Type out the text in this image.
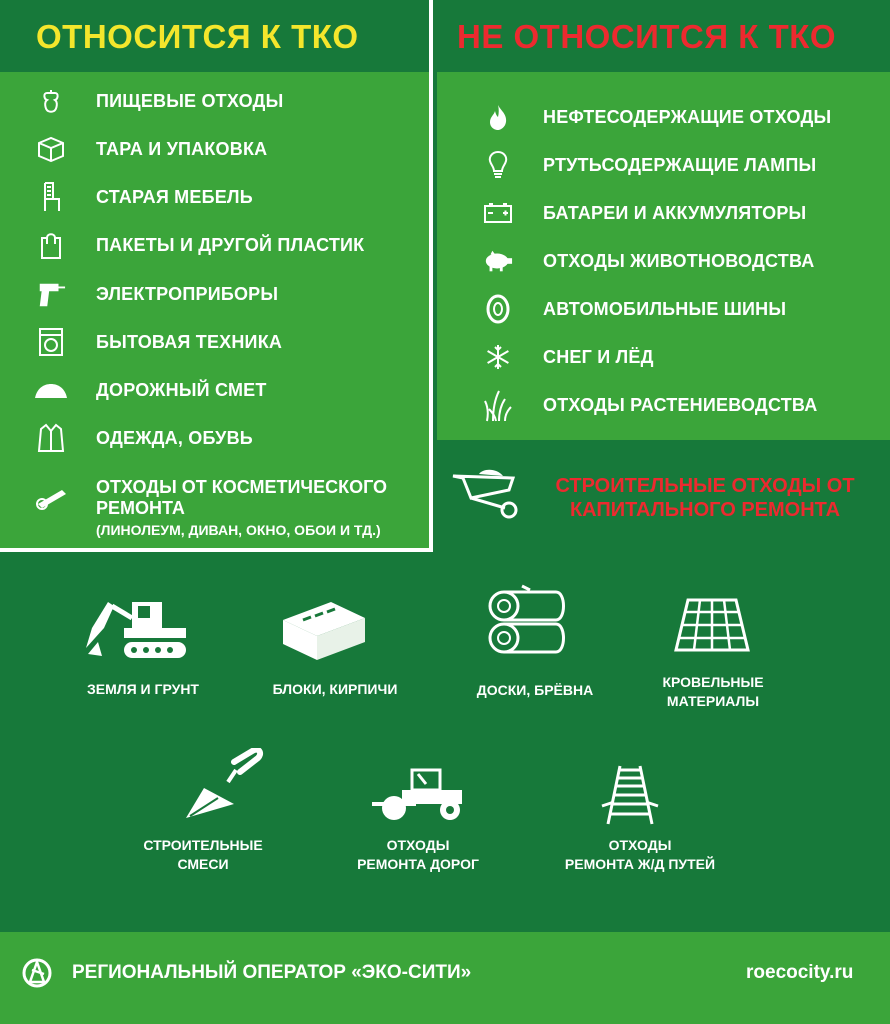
ОТНОСИТСЯ К ТКО
ПИЩЕВЫЕ ОТХОДЫ
ТАРА И УПАКОВКА
СТАРАЯ МЕБЕЛЬ
ПАКЕТЫ И ДРУГОЙ ПЛАСТИК
ЭЛЕКТРОПРИБОРЫ
БЫТОВАЯ ТЕХНИКА
ДОРОЖНЫЙ СМЕТ
ОДЕЖДА, ОБУВЬ
ОТХОДЫ ОТ КОСМЕТИЧЕСКОГО
РЕМОНТА
(ЛИНОЛЕУМ, ДИВАН, ОКНО, ОБОИ И ТД.)
НЕ ОТНОСИТСЯ К ТКО
НЕФТЕСОДЕРЖАЩИЕ ОТХОДЫ
РТУТЬСОДЕРЖАЩИЕ ЛАМПЫ
БАТАРЕИ И АККУМУЛЯТОРЫ
ОТХОДЫ ЖИВОТНОВОДСТВА
АВТОМОБИЛЬНЫЕ ШИНЫ
СНЕГ И ЛЁД
ОТХОДЫ РАСТЕНИЕВОДСТВА
СТРОИТЕЛЬНЫЕ ОТХОДЫ ОТ
КАПИТАЛЬНОГО РЕМОНТА
ЗЕМЛЯ И ГРУНТ	БЛОКИ, КИРПИЧИ	ДОСКИ, БРЁВНА	КРОВЕЛЬНЫЕ
МАТЕРИАЛЫ
СТРОИТЕЛЬНЫЕ
СМЕСИ
ОТХОДЫ
РЕМОНТА ДОРОГ
ОТХОДЫ
РЕМОНТА Ж/Д ПУТЕЙ
РЕГИОНАЛЬНЫЙ ОПЕРАТОР «ЭКО-СИТИ»	roecocity.ru
